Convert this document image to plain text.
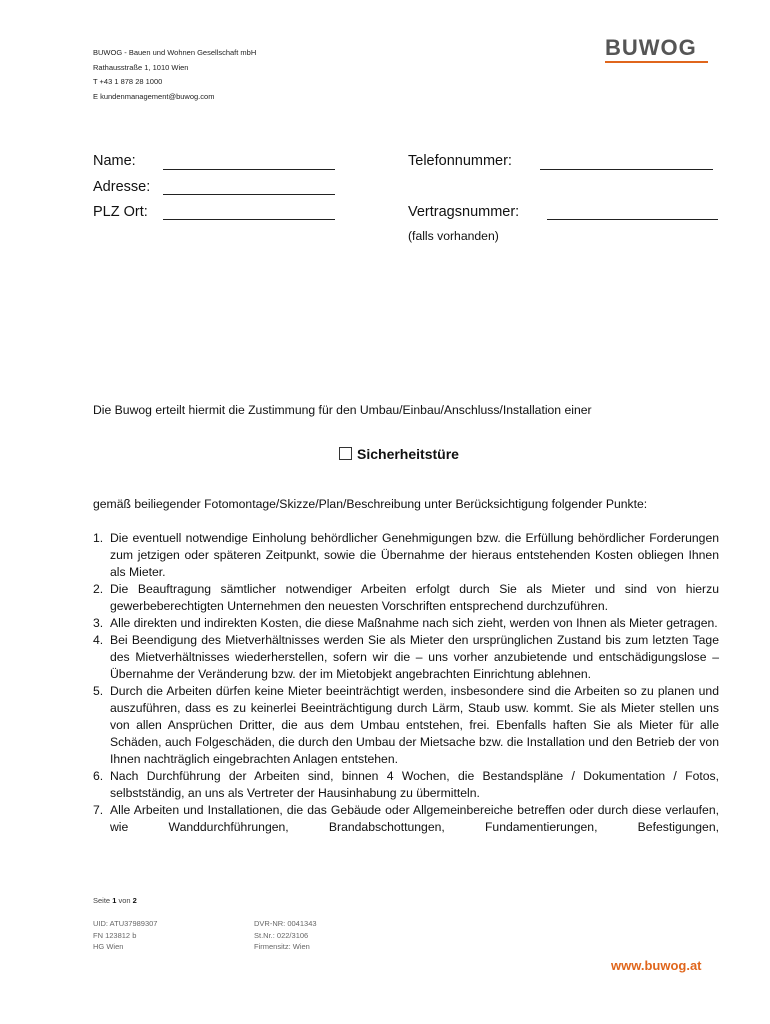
BUWOG - Bauen und Wohnen Gesellschaft mbH
Rathausstraße 1, 1010 Wien
T +43 1 878 28 1000
E kundenmanagement@buwog.com
BUWOG
Name:
Adresse:
PLZ Ort:
Telefonnummer:
Vertragsnummer:
(falls vorhanden)
Die Buwog erteilt hiermit die Zustimmung für den Umbau/Einbau/Anschluss/Installation einer
Sicherheitstüre
gemäß beiliegender Fotomontage/Skizze/Plan/Beschreibung unter Berücksichtigung folgender Punkte:
1. Die eventuell notwendige Einholung behördlicher Genehmigungen bzw. die Erfüllung behördlicher Forderungen zum jetzigen oder späteren Zeitpunkt, sowie die Übernahme der hieraus entstehenden Kosten obliegen Ihnen als Mieter.
2. Die Beauftragung sämtlicher notwendiger Arbeiten erfolgt durch Sie als Mieter und sind von hierzu gewerbeberechtigten Unternehmen den neuesten Vorschriften entsprechend durchzuführen.
3. Alle direkten und indirekten Kosten, die diese Maßnahme nach sich zieht, werden von Ihnen als Mieter getragen.
4. Bei Beendigung des Mietverhältnisses werden Sie als Mieter den ursprünglichen Zustand bis zum letzten Tage des Mietverhältnisses wiederherstellen, sofern wir die – uns vorher anzubietende und entschädigungslose – Übernahme der Veränderung bzw. der im Mietobjekt angebrachten Einrichtung ablehnen.
5. Durch die Arbeiten dürfen keine Mieter beeinträchtigt werden, insbesondere sind die Arbeiten so zu planen und auszuführen, dass es zu keinerlei Beeinträchtigung durch Lärm, Staub usw. kommt. Sie als Mieter stellen uns von allen Ansprüchen Dritter, die aus dem Umbau entstehen, frei. Ebenfalls haften Sie als Mieter für alle Schäden, auch Folgeschäden, die durch den Umbau der Mietsache bzw. die Installation und den Betrieb der von Ihnen nachträglich eingebrachten Anlagen entstehen.
6. Nach Durchführung der Arbeiten sind, binnen 4 Wochen, die Bestandspläne / Dokumentation / Fotos, selbstständig, an uns als Vertreter der Hausinhabung zu übermitteln.
7. Alle Arbeiten und Installationen, die das Gebäude oder Allgemeinbereiche betreffen oder durch diese verlaufen, wie Wanddurchführungen, Brandabschottungen, Fundamentierungen, Befestigungen,
Seite 1 von 2
UID: ATU37989307
FN 123812 b
HG Wien
DVR-NR: 0041343
St.Nr.: 022/3106
Firmensitz: Wien
www.buwog.at
